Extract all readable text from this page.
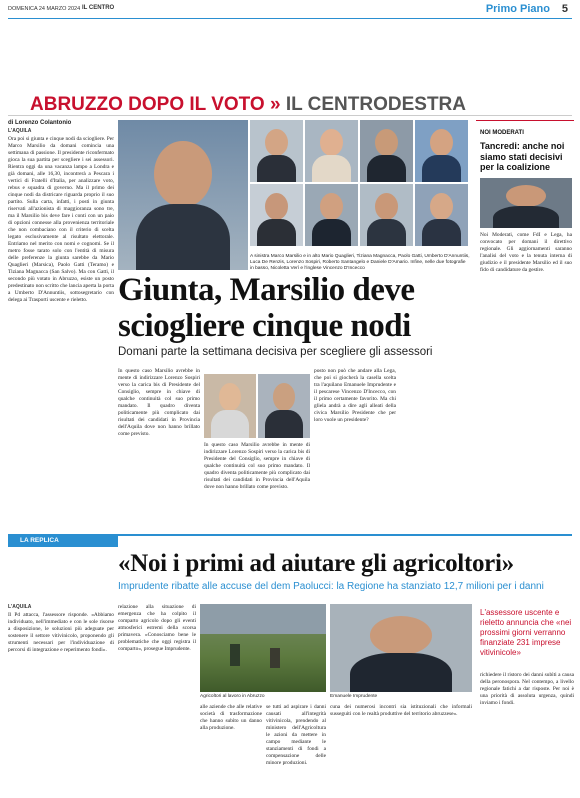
DOMENICA 24 MARZO 2024 IL CENTRO	Primo Piano 5
ABRUZZO DOPO IL VOTO » IL CENTRODESTRA
di Lorenzo Colantonio
L'AQUILA
Ora poi si giunta e cinque nodi da sciogliere. Per Marco Marsilio da domani comincia una settimana di passione. Il presidente riconfermato gioca la sua partita per scegliere i sei assessori. Rientra oggi da una vacanza lampo a Londra e già domani, alle 16,30, incontrerà a Pescara i vertici di Fratelli d'Italia, per analizzare voto, rebus e squadra di governo. Ma il primo dei cinque nodi da districare riguarda proprio il suo partito. Sulla carta, infatti, i posti in giunta riservati all'azionista di maggioranza sono tre, ma il Marsilio bis deve fare i conti con un paio di opzioni connesse alla provenienza territoriale che non combaciano con il criterio di scelta legato esclusivamente al risultato elettorale. Entriamo nel merito con nomi e cognomi. Se il metro fosse tarato solo con l'entità di misura delle preferenze la giunta sarebbe da Mario Quaglieri (Marsica), Paolo Gatti (Teramo) e Tiziana Magnacca (San Salvo). Ma con Gatti, il secondo più votato in Abruzzo, esiste un posto predestinato non scritto che lancia aperta la porta a Umberto D'Annuntiis, sottosegretario con delega ai Trasporti uscente e rieletto.
A sinistra Marco Marsilio e in alto Mario Quaglieri, Tiziana Magnacca, Paolo Gatti, Umberto D'Annuntiis, Luca De Renzis, Lorenzo Sospiri, Roberto Santangelo e Daniele D'Amario. Infine, nelle due fotografie in basso, Nicoletta Verì e l'inglese Vincenzo D'Incecco
Giunta, Marsilio deve sciogliere cinque nodi
Domani parte la settimana decisiva per scegliere gli assessori
In questo caso Marsilio avrebbe in mente di indirizzare Lorenzo Sospiri verso la carica bis di Presidente del Consiglio, sempre in chiave di qualche continuità col suo primo mandato. Il quadro diventa politicamente più complicato dai risultati dei candidati in Provincia dell'Aquila dove non hanno brillato come previsto.
In questo caso Marsilio avrebbe in mente di indirizzare Lorenzo Sospiri verso la carica bis di Presidente del Consiglio, sempre in chiave di qualche continuità col suo primo mandato. Il quadro diventa politicamente più complicato dai risultati dei candidati in Provincia dell'Aquila dove non hanno brillato come previsto.
posto non può che andare alla Lega, che poi si giocherà la casella scelta tra l'aquilano Emanuele Imprudente e il pescarese Vincenzo D'Incecco, con il primo certamente favorito. Ma chi gliela andrà a dire agli alleati della civica Marsilio Presidente che per loro vuole un presidente?
NOI MODERATI
Tancredi: anche noi siamo stati decisivi per la coalizione
Noi Moderati, come FdI e Lega, ha convocato per domani il direttivo regionale. Gli aggiornamenti saranno l'analisi del voto e la tenuta interna di giudizio e il presidente Marsilio ed il suo fido di candidature da gestire.
LA REPLICA
«Noi i primi ad aiutare gli agricoltori»
Imprudente ribatte alle accuse del dem Paolucci: la Regione ha stanziato 12,7 milioni per i danni
L'AQUILA
Il Pd attacca, l'assessore risponde. «Abbiamo individuato, nell'immediato e con le sole risorse a disposizione, le soluzioni più adeguate per sostenere il settore vitivinicolo, proponendo gli strumenti necessari per l'individuazione di percorsi di integrazione e reperimento fondi».
relazione alla situazione di emergenza che ha colpito il comparto agricolo dopo gli eventi atmosferici estremi della scorsa primavera. «Conosciamo bene le problematiche che oggi registra il comparto», prosegue Imprudente.
Agricoltori al lavoro in Abruzzo
alle aziende che alle relative società di trasformazione che hanno subìto un danno alla produzione.
se tutti ad aspirare i danni causati all'integrità vitivinicola, prendendo al ministero dell'Agricoltura le azioni da mettere in campo mediante le stanziamenti di fondi a compensazione delle minore produzioni.
Emanuele Imprudente
cuna dei numerosi incontri sia istituzionali che informali susseguiti con le realtà produttive del territorio abruzzese».
L'assessore uscente e rieletto annuncia che «nei prossimi giorni verranno finanziate 231 imprese vitivinicole»
richiedere il ristoro dei danni subìti a causa della peronospora. Nel contempo, a livello regionale fatichi a dar risposte. Per noi è una priorità di assoluta urgenza, quindi inviamo i fondi.
